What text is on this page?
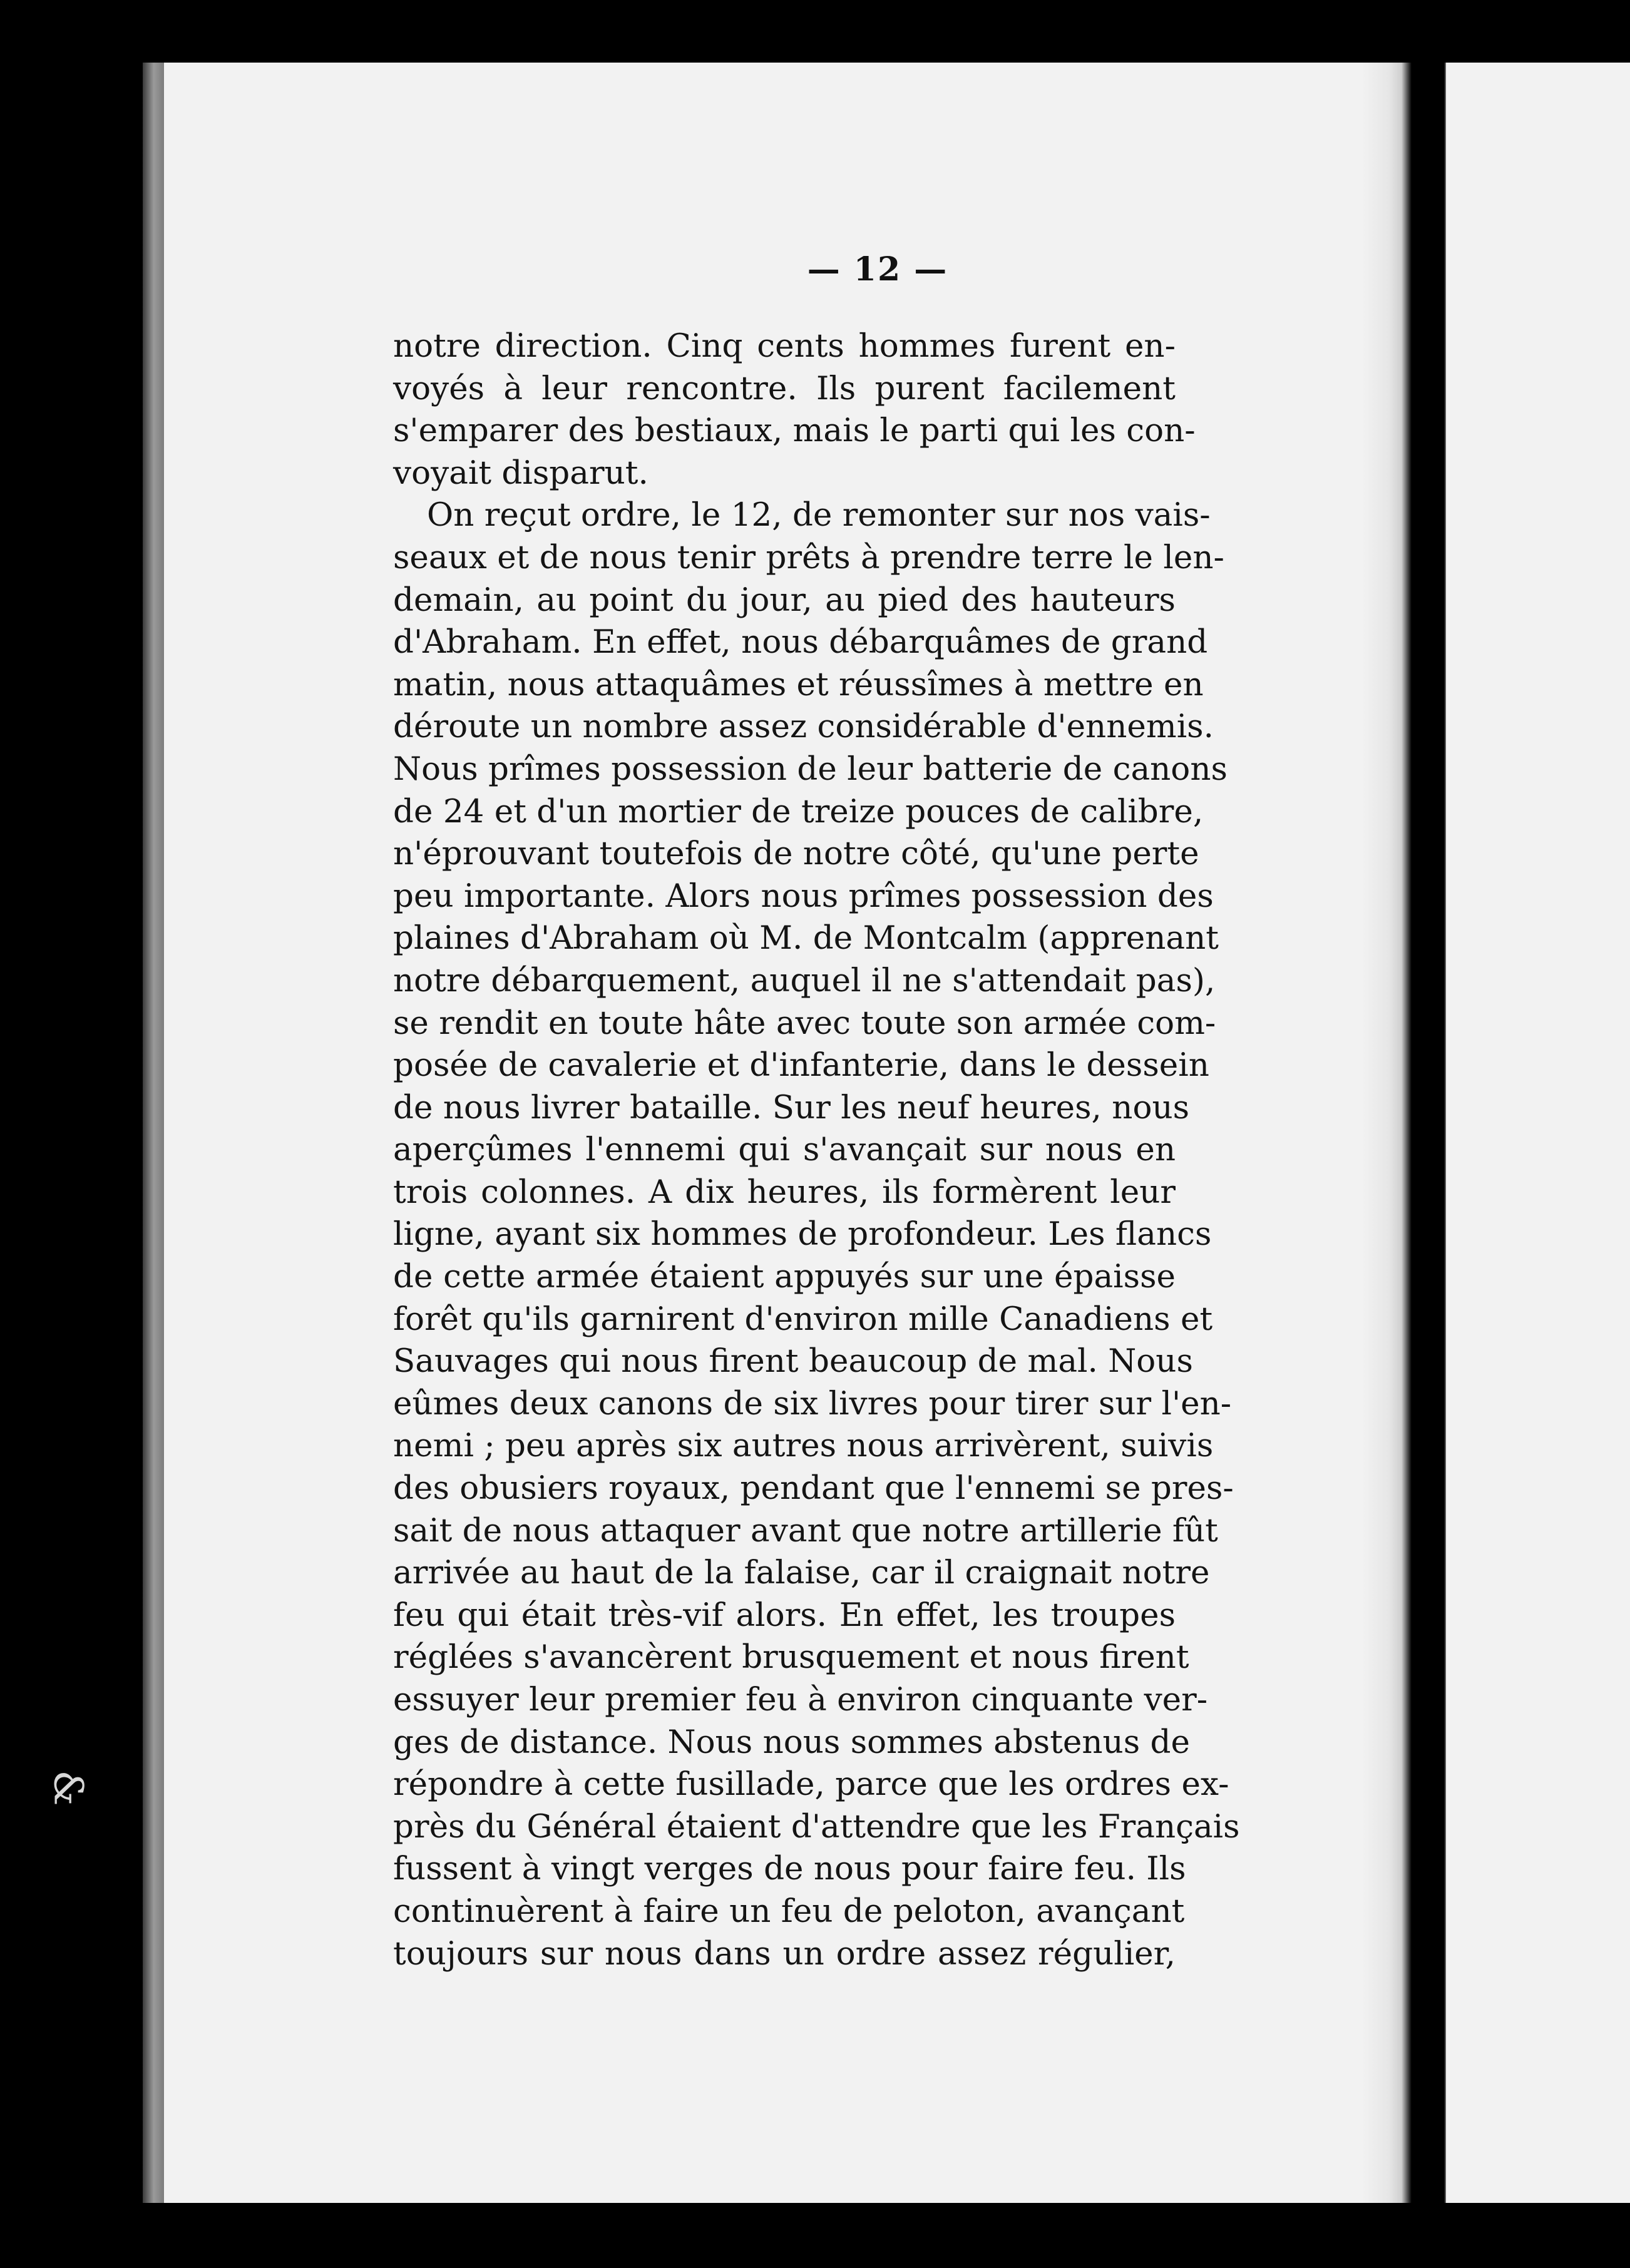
&
— 12 —
notre direction. Cinq cents hommes furent en-
voyés à leur rencontre. Ils purent facilement
s'emparer des bestiaux, mais le parti qui les con-
voyait disparut.
On reçut ordre, le 12, de remonter sur nos vais-
seaux et de nous tenir prêts à prendre terre le len-
demain, au point du jour, au pied des hauteurs
d'Abraham. En effet, nous débarquâmes de grand
matin, nous attaquâmes et réussîmes à mettre en
déroute un nombre assez considérable d'ennemis.
Nous prîmes possession de leur batterie de canons
de 24 et d'un mortier de treize pouces de calibre,
n'éprouvant toutefois de notre côté, qu'une perte
peu importante. Alors nous prîmes possession des
plaines d'Abraham où M. de Montcalm (apprenant
notre débarquement, auquel il ne s'attendait pas),
se rendit en toute hâte avec toute son armée com-
posée de cavalerie et d'infanterie, dans le dessein
de nous livrer bataille. Sur les neuf heures, nous
aperçûmes l'ennemi qui s'avançait sur nous en
trois colonnes. A dix heures, ils formèrent leur
ligne, ayant six hommes de profondeur. Les flancs
de cette armée étaient appuyés sur une épaisse
forêt qu'ils garnirent d'environ mille Canadiens et
Sauvages qui nous firent beaucoup de mal. Nous
eûmes deux canons de six livres pour tirer sur l'en-
nemi ; peu après six autres nous arrivèrent, suivis
des obusiers royaux, pendant que l'ennemi se pres-
sait de nous attaquer avant que notre artillerie fût
arrivée au haut de la falaise, car il craignait notre
feu qui était très-vif alors. En effet, les troupes
réglées s'avancèrent brusquement et nous firent
essuyer leur premier feu à environ cinquante ver-
ges de distance. Nous nous sommes abstenus de
répondre à cette fusillade, parce que les ordres ex-
près du Général étaient d'attendre que les Français
fussent à vingt verges de nous pour faire feu. Ils
continuèrent à faire un feu de peloton, avançant
toujours sur nous dans un ordre assez régulier,
